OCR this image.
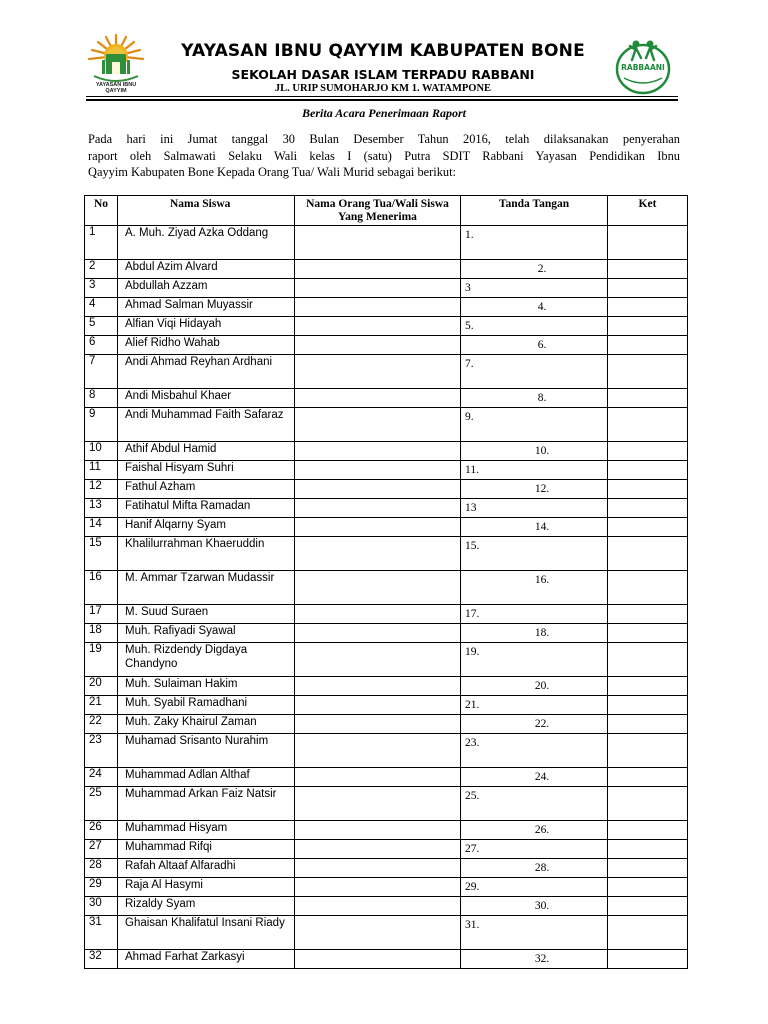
YAYASAN IBNU QAYYIM
YAYASAN IBNU QAYYIM KABUPATEN BONE
SEKOLAH DASAR ISLAM TERPADU RABBANI
JL. URIP SUMOHARJO KM 1. WATAMPONE
RABBAANI
Berita Acara Penerimaan Raport
Pada hari ini Jumat tanggal 30 Bulan Desember Tahun 2016, telah dilaksanakan penyerahan
raport oleh Salmawati Selaku Wali kelas I (satu) Putra SDIT Rabbani Yayasan Pendidikan Ibnu
Qayyim Kabupaten Bone Kepada Orang Tua/ Wali Murid sebagai berikut:
No	Nama Siswa	Nama Orang Tua/Wali Siswa Yang Menerima	Tanda Tangan	Ket
1	A. Muh. Ziyad Azka Oddang		1.	
2	Abdul Azim Alvard		2.	
3	Abdullah Azzam		3	
4	Ahmad Salman Muyassir		4.	
5	Alfian Viqi Hidayah		5.	
6	Alief Ridho Wahab		6.	
7	Andi Ahmad Reyhan Ardhani		7.	
8	Andi Misbahul Khaer		8.	
9	Andi Muhammad Faith Safaraz		9.	
10	Athif Abdul Hamid		10.	
11	Faishal Hisyam Suhri		11.	
12	Fathul Azham		12.	
13	Fatihatul Mifta Ramadan		13	
14	Hanif Alqarny Syam		14.	
15	Khalilurrahman Khaeruddin		15.	
16	M. Ammar Tzarwan Mudassir		16.	
17	M. Suud Suraen		17.	
18	Muh. Rafiyadi Syawal		18.	
19	Muh. Rizdendy Digdaya Chandyno		19.	
20	Muh. Sulaiman Hakim		20.	
21	Muh. Syabil Ramadhani		21.	
22	Muh. Zaky Khairul Zaman		22.	
23	Muhamad Srisanto Nurahim		23.	
24	Muhammad Adlan Althaf		24.	
25	Muhammad Arkan Faiz Natsir		25.	
26	Muhammad Hisyam		26.	
27	Muhammad Rifqi		27.	
28	Rafah Altaaf Alfaradhi		28.	
29	Raja Al Hasymi		29.	
30	Rizaldy Syam		30.	
31	Ghaisan Khalifatul Insani Riady		31.	
32	Ahmad Farhat Zarkasyi		32.	
